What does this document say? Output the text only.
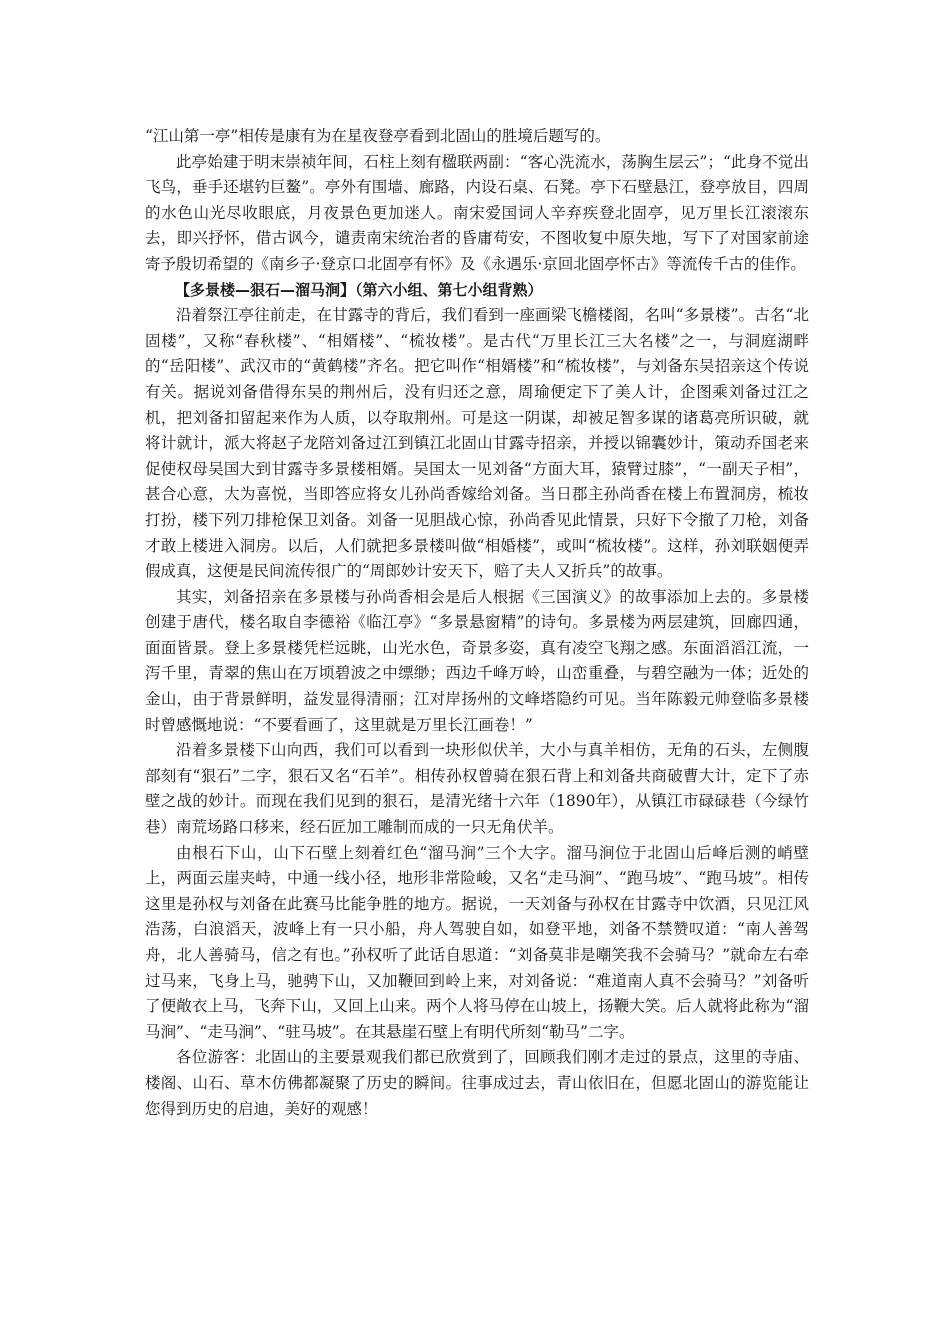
“江山第一亭”相传是康有为在星夜登亭看到北固山的胜境后题写的。

此亭始建于明末崇祯年间，石柱上刻有楹联两副：“客心洗流水，荡胸生层云”；“此身不觉出飞鸟，垂手还堪钓巨鳌”。亭外有围墙、廊路，内设石桌、石凳。亭下石壁悬江，登亭放目，四周的水色山光尽收眼底，月夜景色更加迷人。南宋爱国词人辛弃疾登北固亭，见万里长江滚滚东去，即兴抒怀，借古讽今，谴责南宋统治者的昏庸苟安，不图收复中原失地，写下了对国家前途寄予殷切希望的《南乡子·登京口北固亭有怀》及《永遇乐·京回北固亭怀古》等流传千古的佳作。

【多景楼—狠石—溜马涧】（第六小组、第七小组背熟）

沿着祭江亭往前走，在甘露寺的背后，我们看到一座画梁飞檐楼阁，名叫“多景楼”。古名“北固楼”，又称“春秋楼”、“相婿楼”、“梳妆楼”。是古代“万里长江三大名楼”之一，与洞庭湖畔的“岳阳楼”、武汉市的“黄鹤楼”齐名。把它叫作“相婿楼”和“梳妆楼”，与刘备东吴招亲这个传说有关。据说刘备借得东吴的荆州后，没有归还之意，周瑜便定下了美人计，企图乘刘备过江之机，把刘备扣留起来作为人质，以夺取荆州。可是这一阴谋，却被足智多谋的诸葛亮所识破，就将计就计，派大将赵子龙陪刘备过江到镇江北固山甘露寺招亲，并授以锦囊妙计，策动乔国老来促使权母吴国大到甘露寺多景楼相婿。吴国太一见刘备“方面大耳，猿臂过膝”，“一副天子相”，甚合心意，大为喜悦，当即答应将女儿孙尚香嫁给刘备。当日郡主孙尚香在楼上布置洞房，梳妆打扮，楼下列刀排枪保卫刘备。刘备一见胆战心惊，孙尚香见此情景，只好下令撤了刀枪，刘备才敢上楼进入洞房。以后，人们就把多景楼叫做“相婚楼”，或叫“梳妆楼”。这样，孙刘联姻便弄假成真，这便是民间流传很广的“周郎妙计安天下，赔了夫人又折兵”的故事。

其实，刘备招亲在多景楼与孙尚香相会是后人根据《三国演义》的故事添加上去的。多景楼创建于唐代，楼名取自李德裕《临江亭》“多景悬窗精”的诗句。多景楼为两层建筑，回廊四通，面面皆景。登上多景楼凭栏远眺，山光水色，奇景多姿，真有凌空飞翔之感。东面滔滔江流，一泻千里，青翠的焦山在万顷碧波之中缥缈；西边千峰万岭，山峦重叠，与碧空融为一体；近处的金山，由于背景鲜明，益发显得清丽；江对岸扬州的文峰塔隐约可见。当年陈毅元帅登临多景楼时曾感慨地说：“不要看画了，这里就是万里长江画卷！”

沿着多景楼下山向西，我们可以看到一块形似伏羊，大小与真羊相仿，无角的石头，左侧腹部刻有“狠石”二字，狠石又名“石羊”。相传孙权曾骑在狠石背上和刘备共商破曹大计，定下了赤壁之战的妙计。而现在我们见到的狠石，是清光绪十六年（1890年），从镇江市碌碌巷（今绿竹巷）南荒场路口移来，经石匠加工雕制而成的一只无角伏羊。

由根石下山，山下石壁上刻着红色“溜马涧”三个大字。溜马涧位于北固山后峰后测的峭壁上，两面云崖夹峙，中通一线小径，地形非常险峻，又名“走马涧”、“跑马坡”、“跑马坡”。相传这里是孙权与刘备在此赛马比能争胜的地方。据说，一天刘备与孙权在甘露寺中饮酒，只见江风浩荡，白浪滔天，波峰上有一只小船，舟人驾驶自如，如登平地，刘备不禁赞叹道：“南人善驾舟，北人善骑马，信之有也。”孙权听了此话自思道：“刘备莫非是嘲笑我不会骑马？”就命左右牵过马来，飞身上马，驰骋下山，又加鞭回到岭上来，对刘备说：“难道南人真不会骑马？”刘备听了便敞衣上马，飞奔下山，又回上山来。两个人将马停在山坡上，扬鞭大笑。后人就将此称为“溜马涧”、“走马涧”、“驻马坡”。在其悬崖石壁上有明代所刻“勒马”二字。

各位游客：北固山的主要景观我们都已欣赏到了，回顾我们刚才走过的景点，这里的寺庙、楼阁、山石、草木仿佛都凝聚了历史的瞬间。往事成过去，青山依旧在，但愿北固山的游览能让您得到历史的启迪，美好的观感！
